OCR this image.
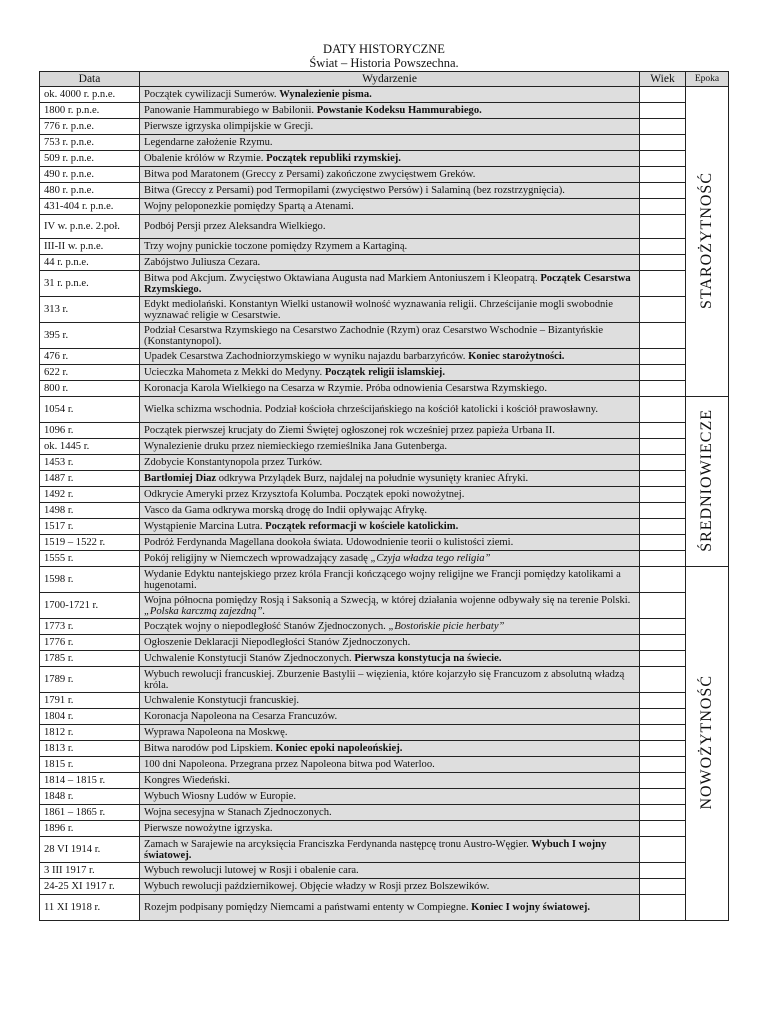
DATY HISTORYCZNE
Świat – Historia Powszechna.
Data	Wydarzenie	Wiek	Epoka
ok. 4000 r. p.n.e.	Początek cywilizacji Sumerów. Wynalezienie pisma.		STAROŻYTNOŚĆ
1800 r. p.n.e.	Panowanie Hammurabiego w Babilonii. Powstanie Kodeksu Hammurabiego.		
776 r. p.n.e.	Pierwsze igrzyska olimpijskie w Grecji.		
753 r. p.n.e.	Legendarne założenie Rzymu.		
509 r. p.n.e.	Obalenie królów w Rzymie. Początek republiki rzymskiej.		
490 r. p.n.e.	Bitwa pod Maratonem (Greccy z Persami) zakończone zwycięstwem Greków.		
480 r. p.n.e.	Bitwa (Greccy z Persami) pod Termopilami (zwycięstwo Persów) i Salaminą (bez rozstrzygnięcia).		
431-404 r. p.n.e.	Wojny peloponezkie pomiędzy Spartą a Atenami.		
IV w. p.n.e. 2.poł.	Podbój Persji przez Aleksandra Wielkiego.		
III-II w. p.n.e.	Trzy wojny punickie toczone pomiędzy Rzymem a Kartaginą.		
44 r. p.n.e.	Zabójstwo Juliusza Cezara.		
31 r. p.n.e.	Bitwa pod Akcjum. Zwycięstwo Oktawiana Augusta nad Markiem Antoniuszem i Kleopatrą. Początek Cesarstwa Rzymskiego.		
313 r.	Edykt mediolański. Konstantyn Wielki ustanowił wolność wyznawania religii. Chrześcijanie mogli swobodnie wyznawać religie w Cesarstwie.		
395 r.	Podział Cesarstwa Rzymskiego na Cesarstwo Zachodnie (Rzym) oraz Cesarstwo Wschodnie – Bizantyńskie (Konstantynopol).		
476 r.	Upadek Cesarstwa Zachodniorzymskiego w wyniku najazdu barbarzyńców. Koniec starożytności.		
622 r.	Ucieczka Mahometa z Mekki do Medyny. Początek religii islamskiej.		
800 r.	Koronacja Karola Wielkiego na Cesarza w Rzymie. Próba odnowienia Cesarstwa Rzymskiego.		
1054 r.	Wielka schizma wschodnia. Podział kościoła chrześcijańskiego na kościół katolicki i kościół prawosławny.		ŚREDNIOWIECZE
1096 r.	Początek pierwszej krucjaty do Ziemi Świętej ogłoszonej rok wcześniej przez papieża Urbana II.		
ok. 1445 r.	Wynalezienie druku przez niemieckiego rzemieślnika Jana Gutenberga.		
1453 r.	Zdobycie Konstantynopola przez Turków.		
1487 r.	Bartłomiej Diaz odkrywa Przylądek Burz, najdalej na południe wysunięty kraniec Afryki.		
1492 r.	Odkrycie Ameryki przez Krzysztofa Kolumba. Początek epoki nowożytnej.		
1498 r.	Vasco da Gama odkrywa morską drogę do Indii opływając Afrykę.		
1517 r.	Wystąpienie Marcina Lutra. Początek reformacji w kościele katolickim.		
1519 – 1522 r.	Podróż Ferdynanda Magellana dookoła świata. Udowodnienie teorii o kulistości ziemi.		
1555 r.	Pokój religijny w Niemczech wprowadzający zasadę „Czyja władza tego religia”		
1598 r.	Wydanie Edyktu nantejskiego przez króla Francji kończącego wojny religijne we Francji pomiędzy katolikami a hugenotami.		NOWOŻYTNOŚĆ
1700-1721 r.	Wojna północna pomiędzy Rosją i Saksonią a Szwecją, w której działania wojenne odbywały się na terenie Polski. „Polska karczmą zajezdną”.		
1773 r.	Początek wojny o niepodległość Stanów Zjednoczonych. „Bostońskie picie herbaty”		
1776 r.	Ogłoszenie Deklaracji Niepodległości Stanów Zjednoczonych.		
1785 r.	Uchwalenie Konstytucji Stanów Zjednoczonych. Pierwsza konstytucja na świecie.		
1789 r.	Wybuch rewolucji francuskiej. Zburzenie Bastylii – więzienia, które kojarzyło się Francuzom z absolutną władzą króla.		
1791 r.	Uchwalenie Konstytucji francuskiej.		
1804 r.	Koronacja Napoleona na Cesarza Francuzów.		
1812 r.	Wyprawa Napoleona na Moskwę.		
1813 r.	Bitwa narodów pod Lipskiem. Koniec epoki napoleońskiej.		
1815 r.	100 dni Napoleona. Przegrana przez Napoleona bitwa pod Waterloo.		
1814 – 1815 r.	Kongres Wiedeński.		
1848 r.	Wybuch Wiosny Ludów w Europie.		
1861 – 1865 r.	Wojna secesyjna w Stanach Zjednoczonych.		
1896 r.	Pierwsze nowożytne igrzyska.		
28 VI 1914 r.	Zamach w Sarajewie na arcyksięcia Franciszka Ferdynanda następcę tronu Austro-Węgier. Wybuch I wojny światowej.		
3 III 1917 r.	Wybuch rewolucji lutowej w Rosji i obalenie cara.		
24-25 XI 1917 r.	Wybuch rewolucji październikowej. Objęcie władzy w Rosji przez Bolszewików.		
11 XI 1918 r.	Rozejm podpisany pomiędzy Niemcami a państwami ententy w Compiegne. Koniec I wojny światowej.		
